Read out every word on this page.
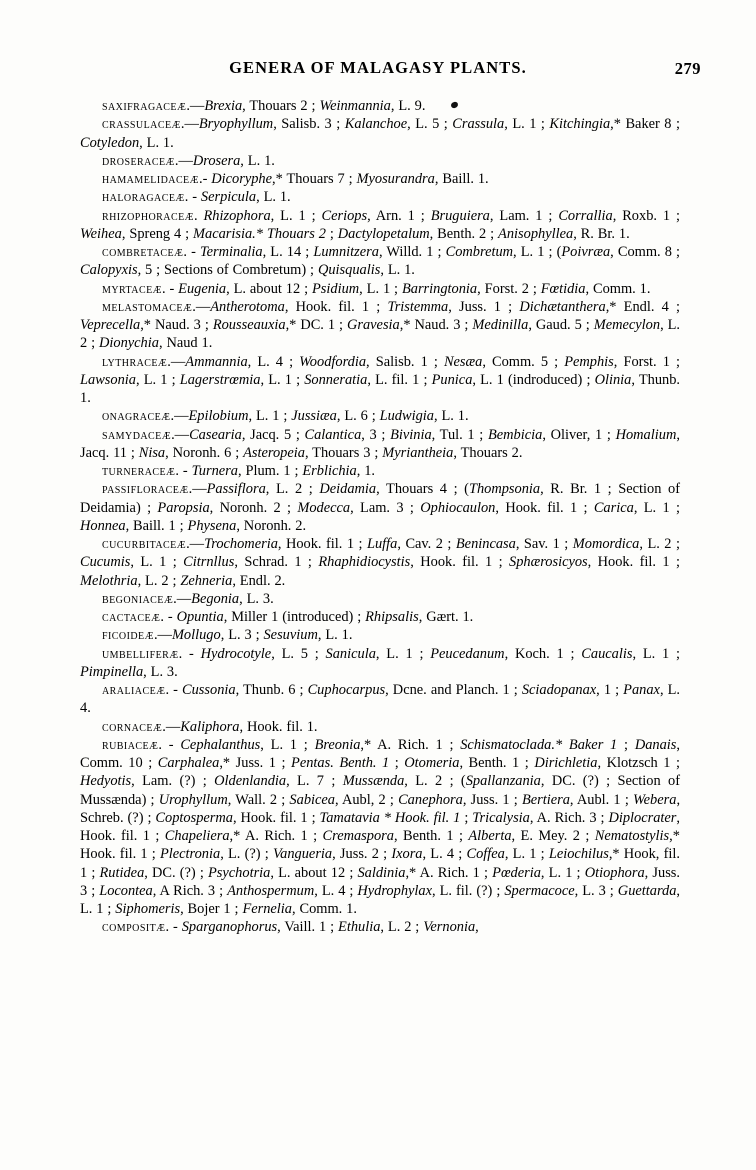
GENERA OF MALAGASY PLANTS.	279

saxifragaceæ.—Brexia, Thouars 2 ; Weinmannia, L. 9.

crassulaceæ.—Bryophyllum, Salisb. 3 ; Kalanchoe, L. 5 ; Crassula, L. 1 ; Kitchingia,* Baker 8 ; Cotyledon, L. 1.

droseraceæ.—Drosera, L. 1.

hamamelidaceæ.- Dicoryphe,* Thouars 7 ; Myosurandra, Baill. 1.

haloragaceæ. - Serpicula, L. 1.

rhizophoraceæ. Rhizophora, L. 1 ; Ceriops, Arn. 1 ; Bruguiera, Lam. 1 ; Corrallia, Roxb. 1 ; Weihea, Spreng 4 ; Macarisia.* Thouars 2 ; Dactylopetalum, Benth. 2 ; Anisophyllea, R. Br. 1.

combretaceæ. - Terminalia, L. 14 ; Lumnitzera, Willd. 1 ; Combretum, L. 1 ; (Poivræa, Comm. 8 ; Calopyxis, 5 ; Sections of Combretum) ; Quisqualis, L. 1.

myrtaceæ. - Eugenia, L. about 12 ; Psidium, L. 1 ; Barringtonia, Forst. 2 ; Fœtidia, Comm. 1.

melastomaceæ.—Antherotoma, Hook. fil. 1 ; Tristemma, Juss. 1 ; Dichætanthera,* Endl. 4 ; Veprecella,* Naud. 3 ; Rousseauxia,* DC. 1 ; Gravesia,* Naud. 3 ; Medinilla, Gaud. 5 ; Memecylon, L. 2 ; Dionychia, Naud 1.

lythraceæ.—Ammannia, L. 4 ; Woodfordia, Salisb. 1 ; Nesæa, Comm. 5 ; Pemphis, Forst. 1 ; Lawsonia, L. 1 ; Lagerstrœmia, L. 1 ; Sonneratia, L. fil. 1 ; Punica, L. 1 (indroduced) ; Olinia, Thunb. 1.

onagraceæ.—Epilobium, L. 1 ; Jussiæa, L. 6 ; Ludwigia, L. 1.

samydaceæ.—Casearia, Jacq. 5 ; Calantica, 3 ; Bivinia, Tul. 1 ; Bembicia, Oliver, 1 ; Homalium, Jacq. 11 ; Nisa, Noronh. 6 ; Asteropeia, Thouars 3 ; Myriantheia, Thouars 2.

turneraceæ. - Turnera, Plum. 1 ; Erblichia, 1.

passifloraceæ.—Passiflora, L. 2 ; Deidamia, Thouars 4 ; (Thompsonia, R. Br. 1 ; Section of Deidamia) ; Paropsia, Noronh. 2 ; Modecca, Lam. 3 ; Ophiocaulon, Hook. fil. 1 ; Carica, L. 1 ; Honnea, Baill. 1 ; Physena, Noronh. 2.

cucurbitaceæ.—Trochomeria, Hook. fil. 1 ; Luffa, Cav. 2 ; Benincasa, Sav. 1 ; Momordica, L. 2 ; Cucumis, L. 1 ; Citrnllus, Schrad. 1 ; Rhaphidiocystis, Hook. fil. 1 ; Sphærosicyos, Hook. fil. 1 ; Melothria, L. 2 ; Zehneria, Endl. 2.

begoniaceæ.—Begonia, L. 3.

cactaceæ. - Opuntia, Miller 1 (introduced) ; Rhipsalis, Gært. 1.

ficoideæ.—Mollugo, L. 3 ; Sesuvium, L. 1.

umbelliferæ. - Hydrocotyle, L. 5 ; Sanicula, L. 1 ; Peucedanum, Koch. 1 ; Caucalis, L. 1 ; Pimpinella, L. 3.

araliaceæ. - Cussonia, Thunb. 6 ; Cuphocarpus, Dcne. and Planch. 1 ; Sciadopanax, 1 ; Panax, L. 4.

cornaceæ.—Kaliphora, Hook. fil. 1.

rubiaceæ. - Cephalanthus, L. 1 ; Breonia,* A. Rich. 1 ; Schismatoclada.* Baker 1 ; Danais, Comm. 10 ; Carphalea,* Juss. 1 ; Pentas. Benth. 1 ; Otomeria, Benth. 1 ; Dirichletia, Klotzsch 1 ; Hedyotis, Lam. (?) ; Oldenlandia, L. 7 ; Mussænda, L. 2 ; (Spallanzania, DC. (?) ; Section of Mussænda) ; Urophyllum, Wall. 2 ; Sabicea, Aubl, 2 ; Canephora, Juss. 1 ; Bertiera, Aubl. 1 ; Webera, Schreb. (?) ; Coptosperma, Hook. fil. 1 ; Tamatavia * Hook. fil. 1 ; Tricalysia, A. Rich. 3 ; Diplocrater, Hook. fil. 1 ; Chapeliera,* A. Rich. 1 ; Cremaspora, Benth. 1 ; Alberta, E. Mey. 2 ; Nematostylis,* Hook. fil. 1 ; Plectronia, L. (?) ; Vangueria, Juss. 2 ; Ixora, L. 4 ; Coffea, L. 1 ; Leiochilus,* Hook, fil. 1 ; Rutidea, DC. (?) ; Psychotria, L. about 12 ; Saldinia,* A. Rich. 1 ; Pœderia, L. 1 ; Otiophora, Juss. 3 ; Locontea, A Rich. 3 ; Anthospermum, L. 4 ; Hydrophylax, L. fil. (?) ; Spermacoce, L. 3 ; Guettarda, L. 1 ; Siphomeris, Bojer 1 ; Fernelia, Comm. 1.

compositæ. - Sparganophorus, Vaill. 1 ; Ethulia, L. 2 ; Vernonia,
